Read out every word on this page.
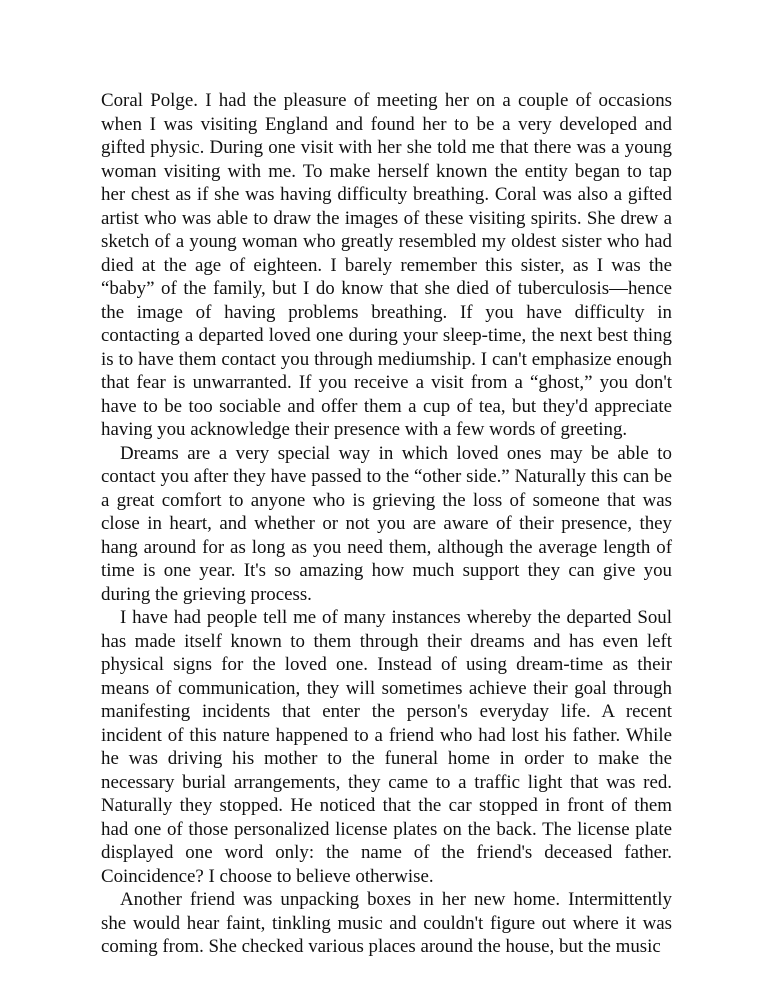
Coral Polge. I had the pleasure of meeting her on a couple of occasions when I was visiting England and found her to be a very developed and gifted physic. During one visit with her she told me that there was a young woman visiting with me. To make herself known the entity began to tap her chest as if she was having difficulty breathing. Coral was also a gifted artist who was able to draw the images of these visiting spirits. She drew a sketch of a young woman who greatly resembled my oldest sister who had died at the age of eighteen. I barely remember this sister, as I was the “baby” of the family, but I do know that she died of tuberculosis—hence the image of having problems breathing. If you have difficulty in contacting a departed loved one during your sleep-time, the next best thing is to have them contact you through mediumship. I can't emphasize enough that fear is unwarranted. If you receive a visit from a “ghost,” you don't have to be too sociable and offer them a cup of tea, but they'd appreciate having you acknowledge their presence with a few words of greeting.

Dreams are a very special way in which loved ones may be able to contact you after they have passed to the “other side.” Naturally this can be a great comfort to anyone who is grieving the loss of someone that was close in heart, and whether or not you are aware of their presence, they hang around for as long as you need them, although the average length of time is one year. It's so amazing how much support they can give you during the grieving process.

I have had people tell me of many instances whereby the departed Soul has made itself known to them through their dreams and has even left physical signs for the loved one. Instead of using dream-time as their means of communication, they will sometimes achieve their goal through manifesting incidents that enter the person's everyday life. A recent incident of this nature happened to a friend who had lost his father. While he was driving his mother to the funeral home in order to make the necessary burial arrangements, they came to a traffic light that was red. Naturally they stopped. He noticed that the car stopped in front of them had one of those personalized license plates on the back. The license plate displayed one word only: the name of the friend's deceased father. Coincidence? I choose to believe otherwise.

Another friend was unpacking boxes in her new home. Intermittently she would hear faint, tinkling music and couldn't figure out where it was coming from. She checked various places around the house, but the music
